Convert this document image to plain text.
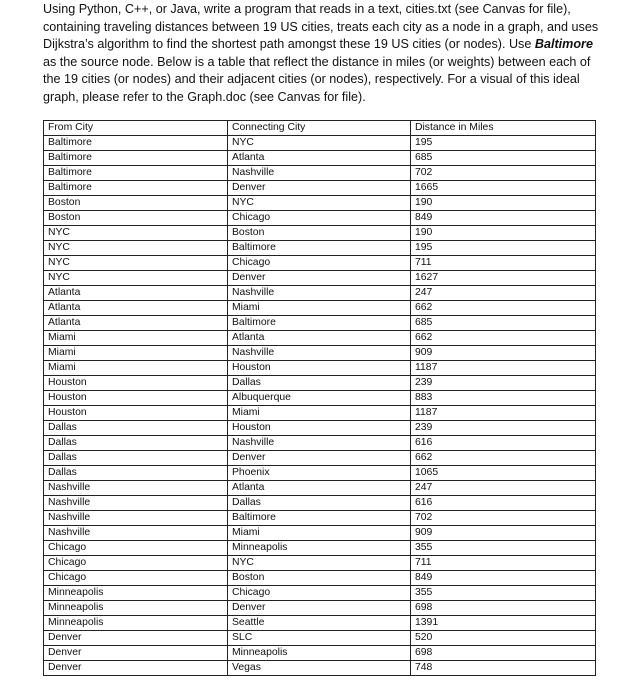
Using Python, C++, or Java, write a program that reads in a text, cities.txt (see Canvas for file), containing traveling distances between 19 US cities, treats each city as a node in a graph, and uses Dijkstra’s algorithm to find the shortest path amongst these 19 US cities (or nodes). Use Baltimore as the source node. Below is a table that reflect the distance in miles (or weights) between each of the 19 cities (or nodes) and their adjacent cities (or nodes), respectively. For a visual of this ideal graph, please refer to the Graph.doc (see Canvas for file).

From City	Connecting City	Distance in Miles
Baltimore	NYC	195
Baltimore	Atlanta	685
Baltimore	Nashville	702
Baltimore	Denver	1665
Boston	NYC	190
Boston	Chicago	849
NYC	Boston	190
NYC	Baltimore	195
NYC	Chicago	711
NYC	Denver	1627
Atlanta	Nashville	247
Atlanta	Miami	662
Atlanta	Baltimore	685
Miami	Atlanta	662
Miami	Nashville	909
Miami	Houston	1187
Houston	Dallas	239
Houston	Albuquerque	883
Houston	Miami	1187
Dallas	Houston	239
Dallas	Nashville	616
Dallas	Denver	662
Dallas	Phoenix	1065
Nashville	Atlanta	247
Nashville	Dallas	616
Nashville	Baltimore	702
Nashville	Miami	909
Chicago	Minneapolis	355
Chicago	NYC	711
Chicago	Boston	849
Minneapolis	Chicago	355
Minneapolis	Denver	698
Minneapolis	Seattle	1391
Denver	SLC	520
Denver	Minneapolis	698
Denver	Vegas	748
